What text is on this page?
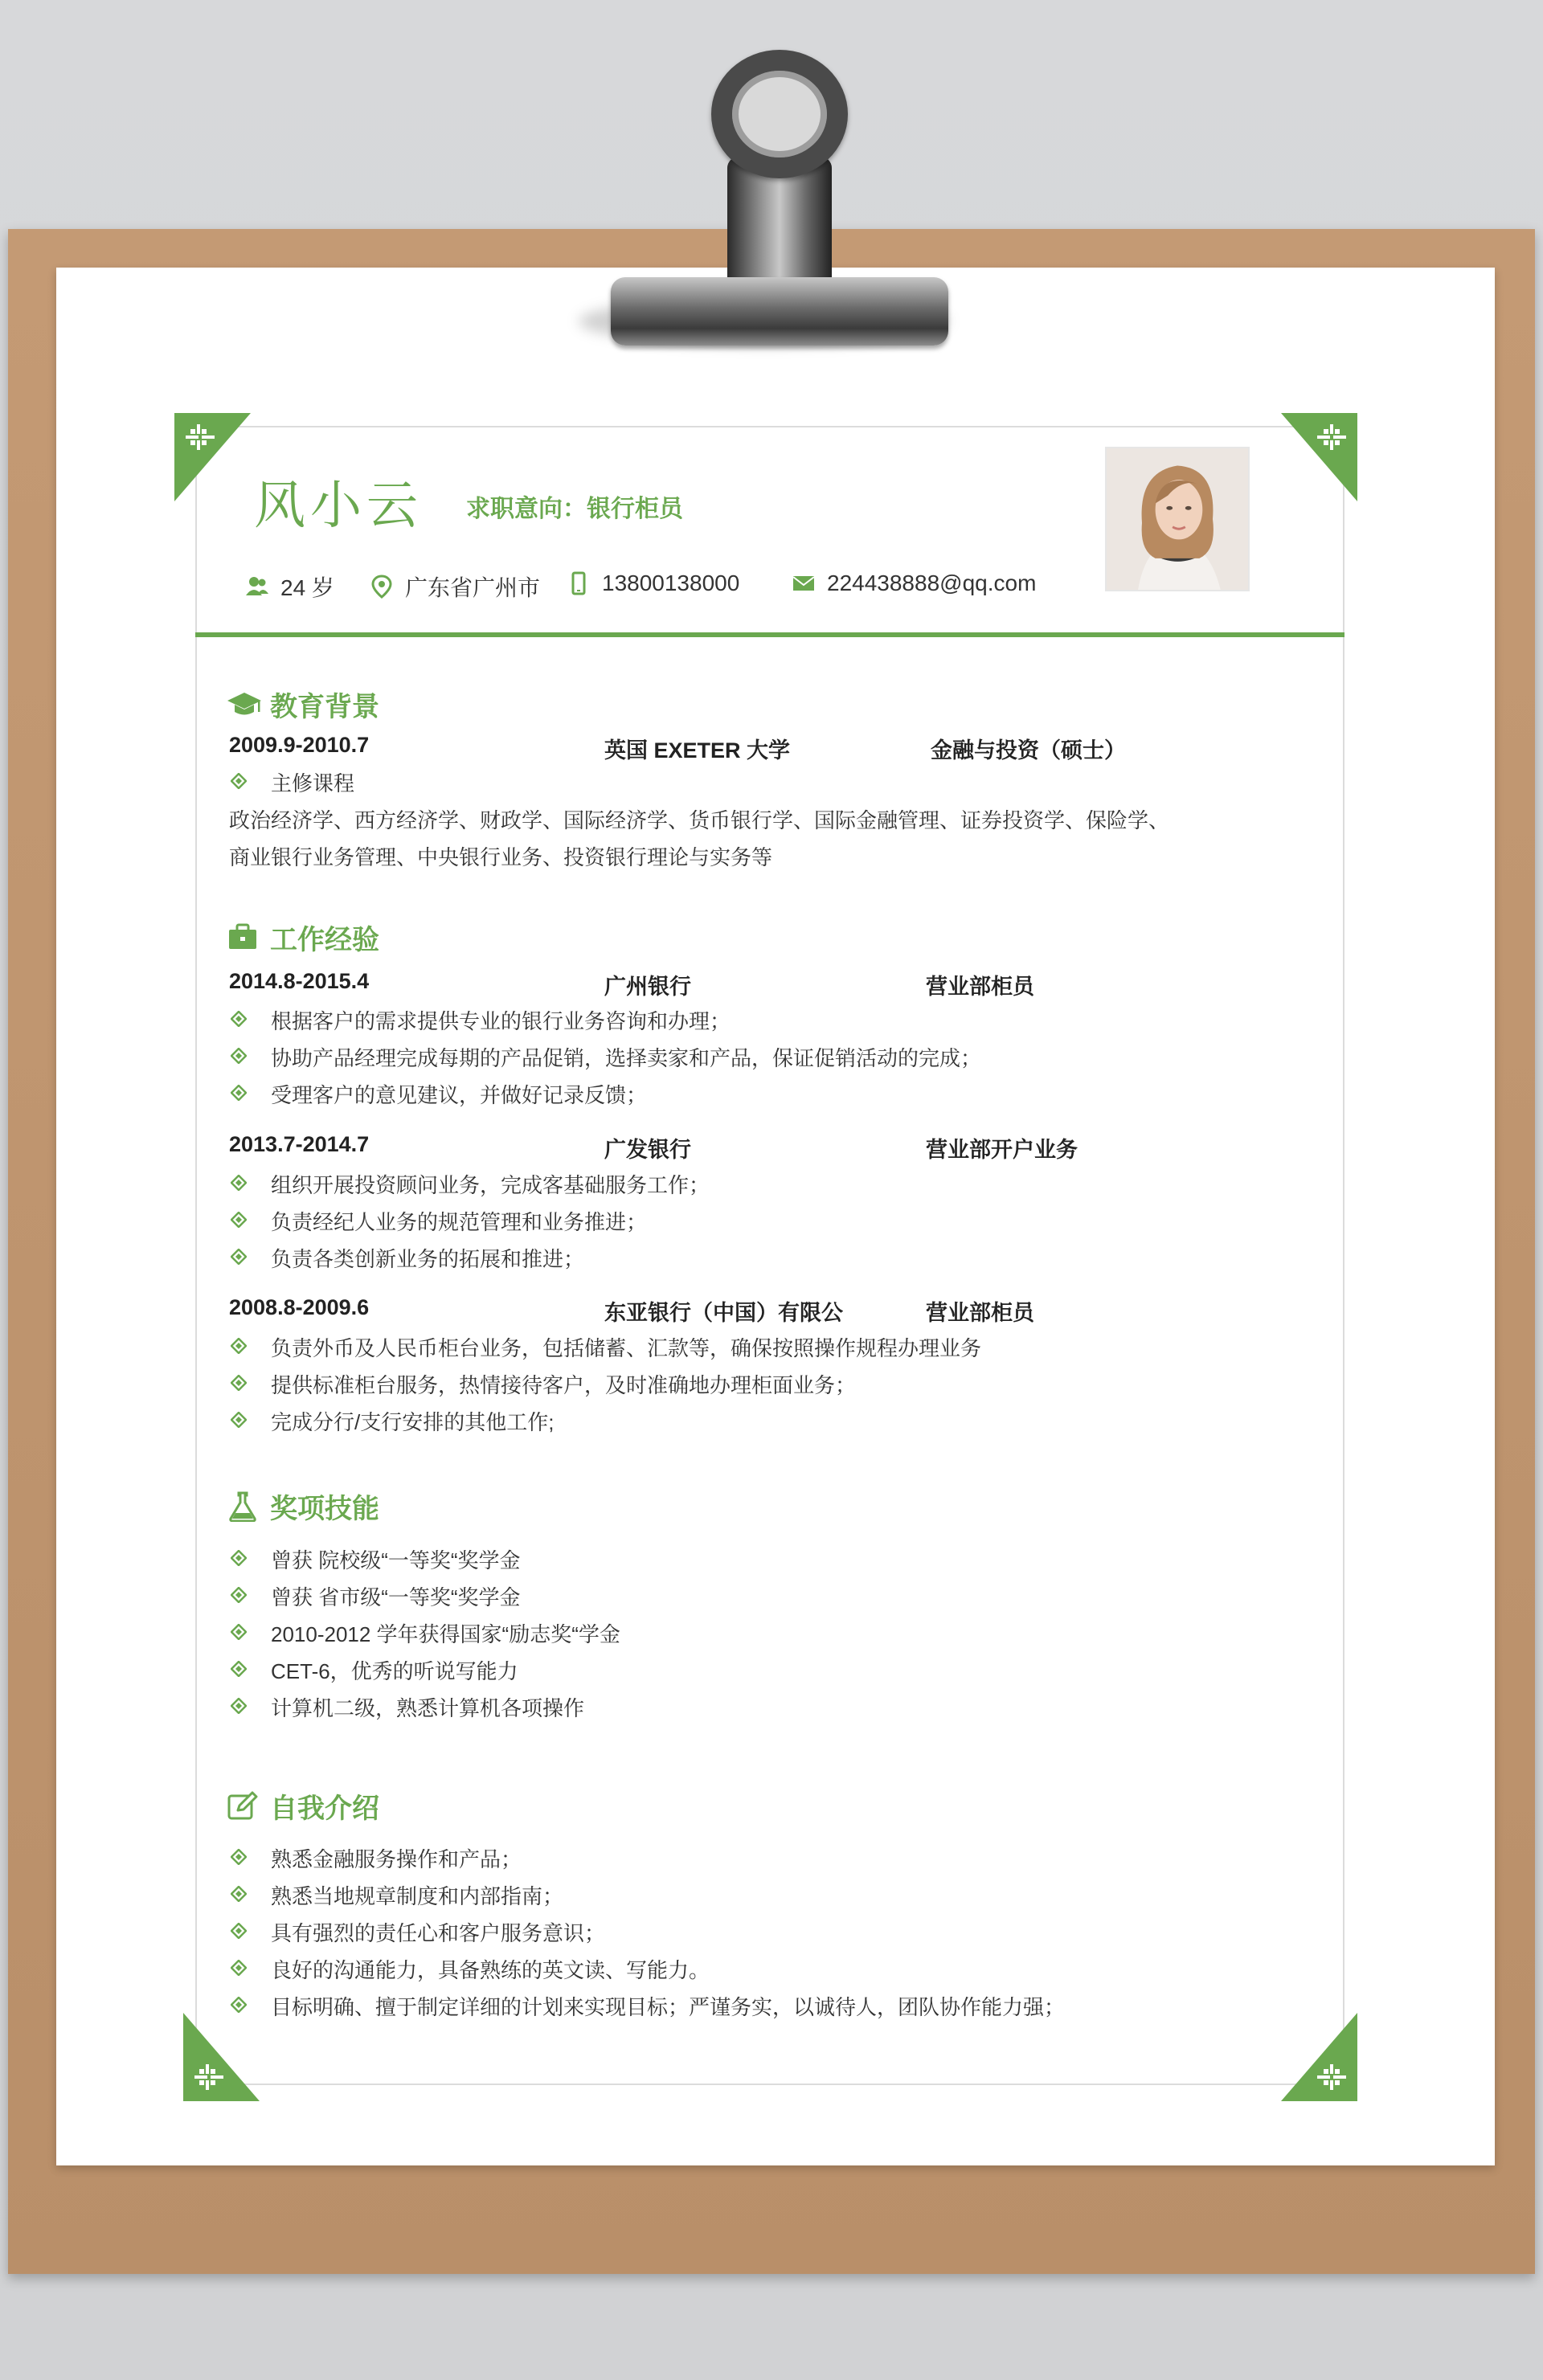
风小云 求职意向：银行柜员
24 岁	广东省广州市	13800138000	224438888@qq.com
教育背景
2009.9-2010.7	英国 EXETER 大学	金融与投资（硕士）
主修课程
政治经济学、西方经济学、财政学、国际经济学、货币银行学、国际金融管理、证券投资学、保险学、
商业银行业务管理、中央银行业务、投资银行理论与实务等
工作经验
2014.8-2015.4	广州银行	营业部柜员
根据客户的需求提供专业的银行业务咨询和办理；
协助产品经理完成每期的产品促销，选择卖家和产品，保证促销活动的完成；
受理客户的意见建议，并做好记录反馈；
2013.7-2014.7	广发银行	营业部开户业务
组织开展投资顾问业务，完成客基础服务工作；
负责经纪人业务的规范管理和业务推进；
负责各类创新业务的拓展和推进；
2008.8-2009.6	东亚银行（中国）有限公	营业部柜员
负责外币及人民币柜台业务，包括储蓄、汇款等，确保按照操作规程办理业务
提供标准柜台服务，热情接待客户，及时准确地办理柜面业务；
完成分行/支行安排的其他工作;
奖项技能
曾获 院校级“一等奖“奖学金
曾获 省市级“一等奖“奖学金
2010-2012 学年获得国家“励志奖“学金
CET-6，优秀的听说写能力
计算机二级，熟悉计算机各项操作
自我介绍
熟悉金融服务操作和产品；
熟悉当地规章制度和内部指南；
具有强烈的责任心和客户服务意识；
良好的沟通能力，具备熟练的英文读、写能力。
目标明确、擅于制定详细的计划来实现目标；严谨务实，以诚待人，团队协作能力强；
